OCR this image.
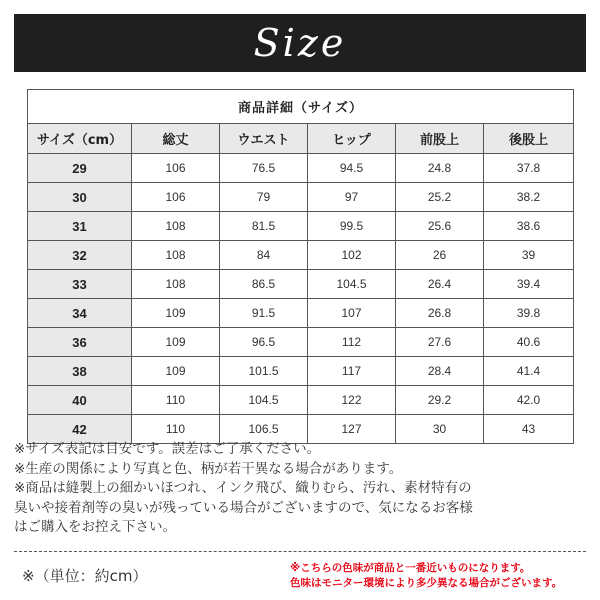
Size
商品詳細（サイズ）					
サイズ（cm）	総丈	ウエスト	ヒップ	前股上	後股上
29	106	76.5	94.5	24.8	37.8
30	106	79	97	25.2	38.2
31	108	81.5	99.5	25.6	38.6
32	108	84	102	26	39
33	108	86.5	104.5	26.4	39.4
34	109	91.5	107	26.8	39.8
36	109	96.5	112	27.6	40.6
38	109	101.5	117	28.4	41.4
40	110	104.5	122	29.2	42.0
42	110	106.5	127	30	43
※サイズ表記は目安です。誤差はご了承ください。
※生産の関係により写真と色、柄が若干異なる場合があります。
※商品は縫製上の細かいほつれ、インク飛び、織りむら、汚れ、素材特有の
臭いや接着剤等の臭いが残っている場合がございますので、気になるお客様
はご購入をお控え下さい。
※（単位：約cm）	※こちらの色味が商品と一番近いものになります。
色味はモニター環境により多少異なる場合がございます。
